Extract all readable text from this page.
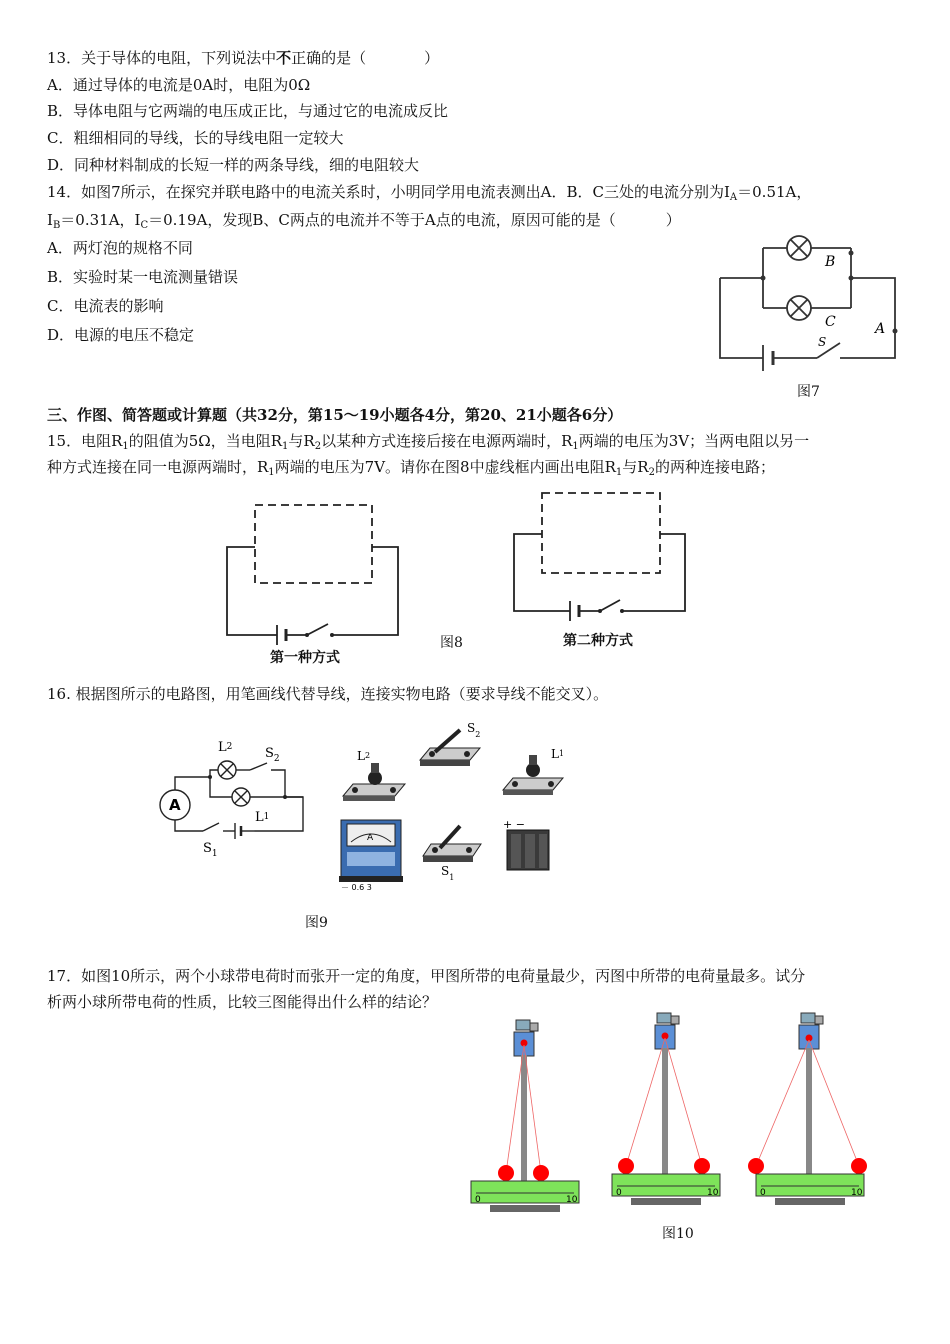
13．关于导体的电阻，下列说法中不正确的是（	）
A．通过导体的电流是0A时，电阻为0Ω
B．导体电阻与它两端的电压成正比，与通过它的电流成反比
C．粗细相同的导线，长的导线电阻一定较大
D．同种材料制成的长短一样的两条导线，细的电阻较大
14．如图7所示，在探究并联电路中的电流关系时，小明同学用电流表测出A．B．C三处的电流分别为$I_A=0.51A$，
$I_B=0.31A$，$I_C=0.19A$，发现B、C两点的电流并不等于A点的电流，原因可能的是（	）
A．两灯泡的规格不同
B．实验时某一电流测量错误
C．电流表的影响
D．电源的电压不稳定
B
C	A
S
图7
三、作图、简答题或计算题（共32分，第15～19小题各4分，第20、21小题各6分）
15．电阻$R_1$的阻值为5Ω，当电阻$R_1$与$R_2$以某种方式连接后接在电源两端时，$R_1$两端的电压为3V；当两电阻以另一
种方式连接在同一电源两端时，$R_1$两端的电压为7V。请你在图8中虚线框内画出电阻$R_1$与$R_2$的两种连接电路；
第一种方式
图8	第二种方式
16. 根据图所示的电路图，用笔画线代替导线，连接实物电路（要求导线不能交叉）。
A
L2	$S_2$
L1
$S_1$
L2
$S_2$
L1
A
－ 0.6 3
$S_1$
+ −
图9
17．如图10所示，两个小球带电荷时而张开一定的角度，甲图所带的电荷量最少，丙图中所带的电荷量最多。试分
析两小球所带电荷的性质，比较三图能得出什么样的结论？
0	10
0	10	0	10
图10
